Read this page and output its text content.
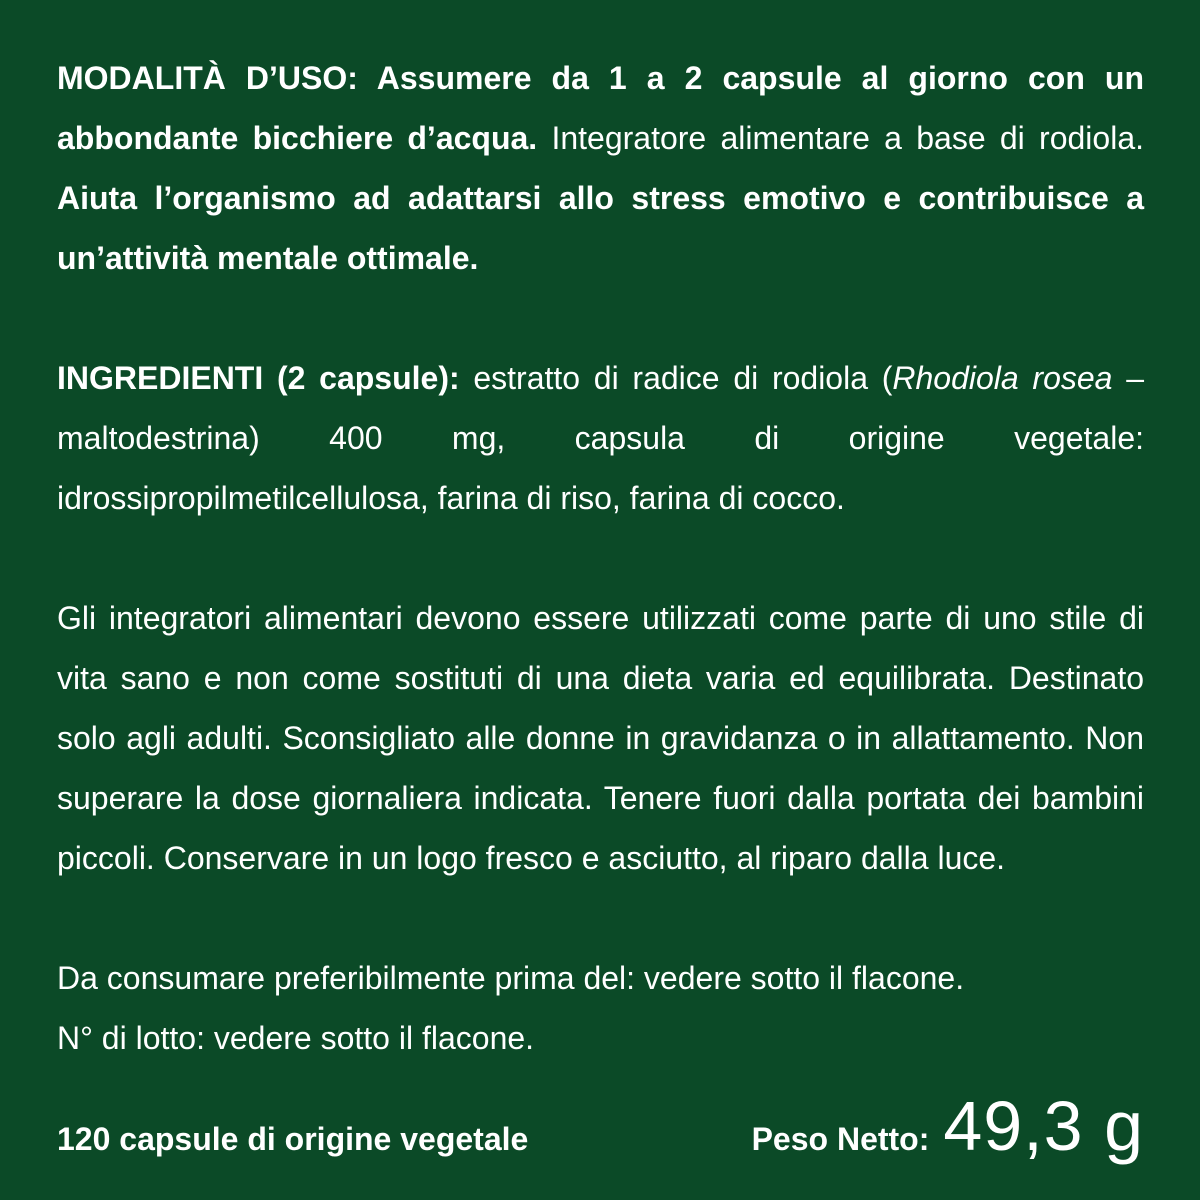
MODALITÀ D’USO: Assumere da 1 a 2 capsule al giorno con un abbondante bicchiere d’acqua. Integratore alimentare a base di rodiola. Aiuta l’organismo ad adattarsi allo stress emotivo e contribuisce a un’attività mentale ottimale.

INGREDIENTI (2 capsule): estratto di radice di rodiola (Rhodiola rosea – maltodestrina) 400 mg, capsula di origine vegetale: idrossipropilmetilcellulosa, farina di riso, farina di cocco.

Gli integratori alimentari devono essere utilizzati come parte di uno stile di vita sano e non come sostituti di una dieta varia ed equilibrata. Destinato solo agli adulti. Sconsigliato alle donne in gravidanza o in allattamento. Non superare la dose giornaliera indicata. Tenere fuori dalla portata dei bambini piccoli. Conservare in un logo fresco e asciutto, al riparo dalla luce.

Da consumare preferibilmente prima del: vedere sotto il flacone.
N° di lotto: vedere sotto il flacone.

120 capsule di origine vegetale	Peso Netto: 49,3 g
